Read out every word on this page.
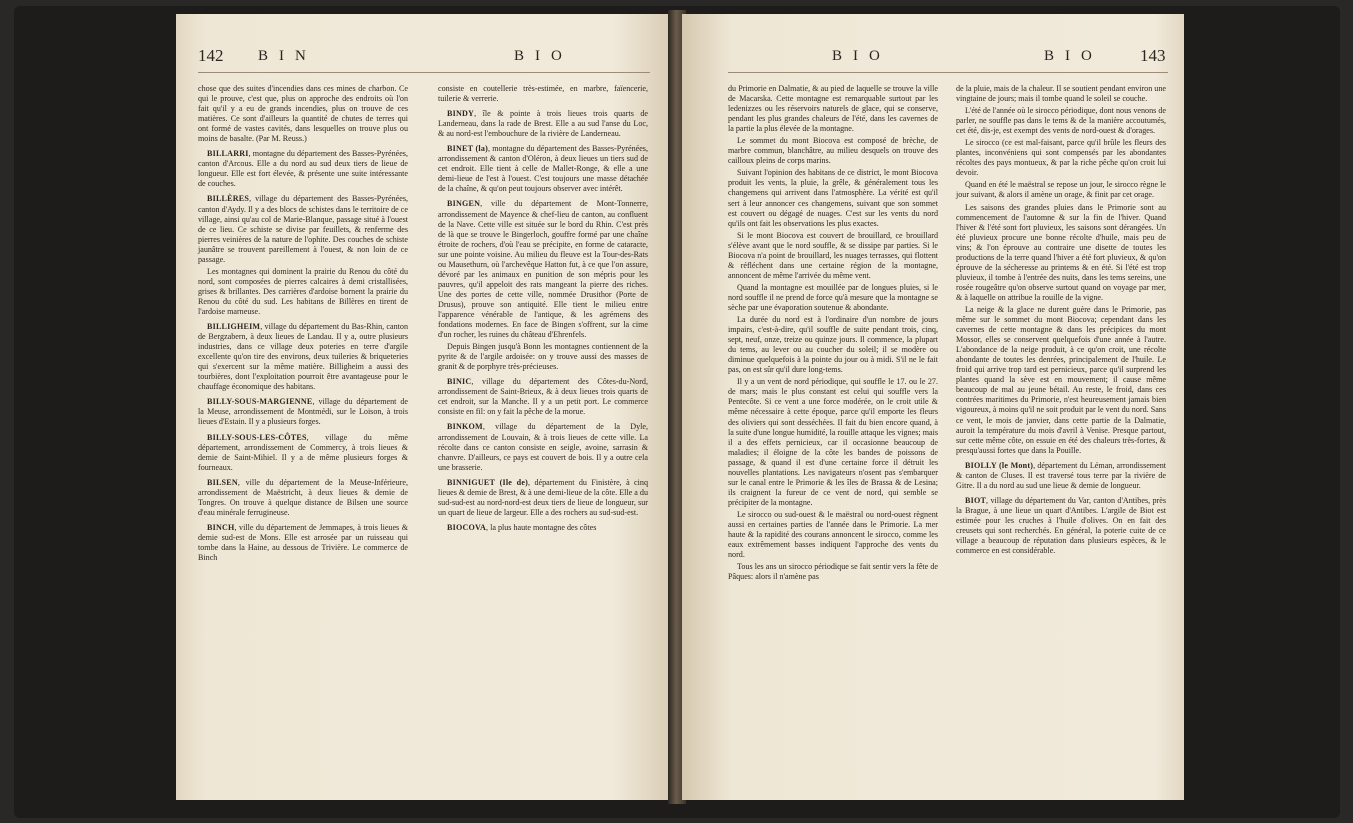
142 BIN	BIO

chose que des suites d'incendies dans ces mines de charbon. Ce qui le prouve, c'est que, plus on approche des endroits où l'on fait qu'il y a eu de grands incendies, plus on trouve de ces matières. Ce sont d'ailleurs la quantité de chutes de terres qui ont formé de vastes cavités, dans lesquelles on trouve plus ou moins de basalte. (Par M. Reuss.)

BILLARRI, montagne du département des Basses-Pyrénées, canton d'Arcous. Elle a du nord au sud deux tiers de lieue de longueur. Elle est fort élevée, & présente une suite intéressante de couches.

BILLÈRES, village du département des Basses-Pyrénées, canton d'Aydy. Il y a des blocs de schistes dans le territoire de ce village, ainsi qu'au col de Marie-Blanque, passage situé à l'ouest de ce lieu. Ce schiste se divise par feuillets, & renferme des pierres veinières de la nature de l'ophite. Des couches de schiste jaunâtre se trouvent pareillement à l'ouest, & non loin de ce passage.

Les montagnes qui dominent la prairie du Renou du côté du nord, sont composées de pierres calcaires à demi cristallisées, grises & brillantes. Des carrières d'ardoise bornent la prairie du Renou du côté du sud. Les habitans de Billères en tirent de l'ardoise marneuse.

BILLIGHEIM, village du département du Bas-Rhin, canton de Bergzabern, à deux lieues de Landau. Il y a, outre plusieurs industries, dans ce village deux poteries en terre d'argile excellente qu'on tire des environs, deux tuileries & briqueteries qui s'exercent sur la même matière. Billigheim a aussi des tourbières, dont l'exploitation pourroit être avantageuse pour le chauffage économique des habitans.

BILLY-SOUS-MARGIENNE, village du département de la Meuse, arrondissement de Montmédi, sur le Loison, à trois lieues d'Estain. Il y a plusieurs forges.

BILLY-SOUS-LES-CÔTES, village du même département, arrondissement de Commercy, à trois lieues & demie de Saint-Mihiel. Il y a de même plusieurs forges & fourneaux.

BILSEN, ville du département de la Meuse-Inférieure, arrondissement de Maëstricht, à deux lieues & demie de Tongres. On trouve à quelque distance de Bilsen une source d'eau minérale ferrugineuse.

BINCH, ville du département de Jemmapes, à trois lieues & demie sud-est de Mons. Elle est arrosée par un ruisseau qui tombe dans la Haine, au dessous de Trivière. Le commerce de Binch

consiste en coutellerie très-estimée, en marbre, faïencerie, tuilerie & verrerie.

BINDY, île & pointe à trois lieues trois quarts de Landerneau, dans la rade de Brest. Elle a au sud l'anse du Loc, & au nord-est l'embouchure de la rivière de Landerneau.

BINET (la), montagne du département des Basses-Pyrénées, arrondissement & canton d'Oléron, à deux lieues un tiers sud de cet endroit. Elle tient à celle de Mallet-Ronge, & elle a une demi-lieue de l'est à l'ouest. C'est toujours une masse détachée de la chaîne, & qu'on peut toujours observer avec intérêt.

BINGEN, ville du département de Mont-Tonnerre, arrondissement de Mayence & chef-lieu de canton, au confluent de la Nave. Cette ville est située sur le bord du Rhin. C'est près de là que se trouve le Bingerloch, gouffre formé par une chaîne étroite de rochers, d'où l'eau se précipite, en forme de cataracte, sur une pointe voisine. Au milieu du fleuve est la Tour-des-Rats ou Mausethurn, où l'archevêque Hatton fut, à ce que l'on assure, dévoré par les animaux en punition de son mépris pour les pauvres, qu'il appeloit des rats mangeant la pierre des riches. Une des portes de cette ville, nommée Drusithor (Porte de Drusus), prouve son antiquité. Elle tient le milieu entre l'apparence vénérable de l'antique, & les agrémens des fondations modernes. En face de Bingen s'offrent, sur la cime d'un rocher, les ruines du château d'Ehrenfels.

Depuis Bingen jusqu'à Bonn les montagnes contiennent de la pyrite & de l'argile ardoisée: on y trouve aussi des masses de granit & de porphyre très-précieuses.

BINIC, village du département des Côtes-du-Nord, arrondissement de Saint-Brieux, & à deux lieues trois quarts de cet endroit, sur la Manche. Il y a un petit port. Le commerce consiste en fil: on y fait la pêche de la morue.

BINKOM, village du département de la Dyle, arrondissement de Louvain, & à trois lieues de cette ville. La récolte dans ce canton consiste en seigle, avoine, sarrasin & chanvre. D'ailleurs, ce pays est couvert de bois. Il y a outre cela une brasserie.

BINNIGUET (Ile de), département du Finistère, à cinq lieues & demie de Brest, & à une demi-lieue de la côte. Elle a du sud-sud-est au nord-nord-est deux tiers de lieue de longueur, sur un quart de lieue de largeur. Elle a des rochers au sud-sud-est.

BIOCOVA, la plus haute montagne des côtes

BIO	BIO 143

du Primorie en Dalmatie, & au pied de laquelle se trouve la ville de Macarska. Cette montagne est remarquable surtout par les ledenizzes ou les réservoirs naturels de glace, qui se conserve, pendant les plus grandes chaleurs de l'été, dans les cavernes de la partie la plus élevée de la montagne.

Le sommet du mont Biocova est composé de brèche, de marbre commun, blanchâtre, au milieu desquels on trouve des cailloux pleins de corps marins.

Suivant l'opinion des habitans de ce district, le mont Biocova produit les vents, la pluie, la grêle, & généralement tous les changemens qui arrivent dans l'atmosphère. La vérité est qu'il sert à leur annoncer ces changemens, suivant que son sommet est couvert ou dégagé de nuages. C'est sur les vents du nord qu'ils ont fait les observations les plus exactes.

Si le mont Biocova est couvert de brouillard, ce brouillard s'élève avant que le nord souffle, & se dissipe par parties. Si le Biocova n'a point de brouillard, les nuages terrasses, qui flottent & réfléchent dans une certaine région de la montagne, annoncent de même l'arrivée du même vent.

Quand la montagne est mouillée par de longues pluies, si le nord souffle il ne prend de force qu'à mesure que la montagne se sèche par une évaporation soutenue & abondante.

La durée du nord est à l'ordinaire d'un nombre de jours impairs, c'est-à-dire, qu'il souffle de suite pendant trois, cinq, sept, neuf, onze, treize ou quinze jours. Il commence, la plupart du tems, au lever ou au coucher du soleil; il se modère ou diminue quelquefois à la pointe du jour ou à midi. S'il ne le fait pas, on est sûr qu'il dure long-tems.

Il y a un vent de nord périodique, qui souffle le 17. ou le 27. de mars; mais le plus constant est celui qui souffle vers la Pentecôte. Si ce vent a une force modérée, on le croit utile & même nécessaire à cette époque, parce qu'il emporte les fleurs des oliviers qui sont desséchées. Il fait du bien encore quand, à la suite d'une longue humidité, la rouille attaque les vignes; mais il a des effets pernicieux, car il occasionne beaucoup de maladies; il éloigne de la côte les bandes de poissons de passage, & quand il est d'une certaine force il détruit les nouvelles plantations. Les navigateurs n'osent pas s'embarquer sur le canal entre le Primorie & les îles de Brassa & de Lesina; ils craignent la fureur de ce vent de nord, qui semble se précipiter de la montagne.

Le sirocco ou sud-ouest & le maëstral ou nord-ouest règnent aussi en certaines parties de l'année dans le Primorie. La mer haute & la rapidité des courans annoncent le sirocco, comme les eaux extrêmement basses indiquent l'approche des vents du nord.

Tous les ans un sirocco périodique se fait sentir vers la fête de Pâques: alors il n'amène pas

de la pluie, mais de la chaleur. Il se soutient pendant environ une vingtaine de jours; mais il tombe quand le soleil se couche.

L'été de l'année où le sirocco périodique, dont nous venons de parler, ne souffle pas dans le tems & de la manière accoutumés, cet été, dis-je, est exempt des vents de nord-ouest & d'orages.

Le sirocco (ce est mal-faisant, parce qu'il brûle les fleurs des plantes, inconvéniens qui sont compensés par les abondantes récoltes des pays montueux, & par la riche pêche qu'on croit lui devoir.

Quand en été le maëstral se repose un jour, le sirocco règne le jour suivant, & alors il amène un orage, & finit par cet orage.

Les saisons des grandes pluies dans le Primorie sont au commencement de l'automne & sur la fin de l'hiver. Quand l'hiver & l'été sont fort pluvieux, les saisons sont dérangées. Un été pluvieux procure une bonne récolte d'huile, mais peu de vins; & l'on éprouve au contraire une disette de toutes les productions de la terre quand l'hiver a été fort pluvieux, & qu'on éprouve de la sécheresse au printems & en été. Si l'été est trop pluvieux, il tombe à l'entrée des nuits, dans les tems sereins, une rosée rougeâtre qu'on observe surtout quand on voyage par mer, & à laquelle on attribue la rouille de la vigne.

La neige & la glace ne durent guère dans le Primorie, pas même sur le sommet du mont Biocova; cependant dans les cavernes de cette montagne & dans les précipices du mont Mossor, elles se conservent quelquefois d'une année à l'autre. L'abondance de la neige produit, à ce qu'on croit, une récolte abondante de toutes les denrées, principalement de l'huile. Le froid qui arrive trop tard est pernicieux, parce qu'il surprend les plantes quand la sève est en mouvement; il cause même beaucoup de mal au jeune bétail. Au reste, le froid, dans ces contrées maritimes du Primorie, n'est heureusement jamais bien vigoureux, à moins qu'il ne soit produit par le vent du nord. Sans ce vent, le mois de janvier, dans cette partie de la Dalmatie, auroit la température du mois d'avril à Venise. Presque partout, sur cette même côte, on essuie en été des chaleurs très-fortes, & presqu'aussi fortes que dans la Pouille.

BIOLLY (le Mont), département du Léman, arrondissement & canton de Cluses. Il est traversé tous terre par la rivière de Gitre. Il a du nord au sud une lieue & demie de longueur.

BIOT, village du département du Var, canton d'Antibes, près la Brague, à une lieue un quart d'Antibes. L'argile de Biot est estimée pour les cruches à l'huile d'olives. On en fait des creusets qui sont recherchés. En général, la poterie cuite de ce village a beaucoup de réputation dans plusieurs espèces, & le commerce en est considérable.
